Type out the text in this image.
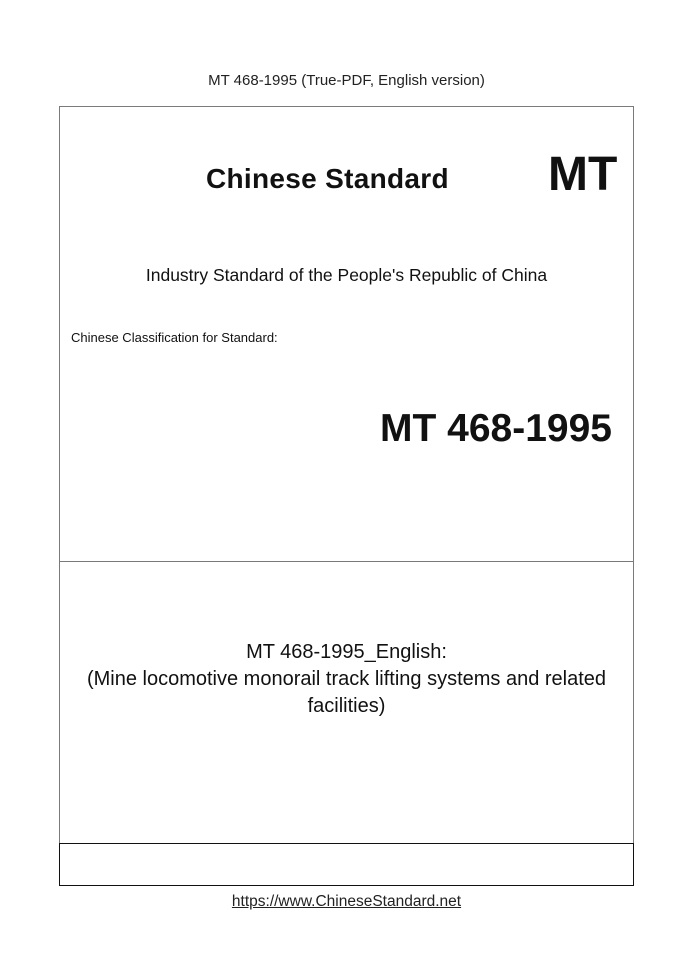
MT 468-1995 (True-PDF, English version)
Chinese Standard MT
Industry Standard of the People's Republic of China
Chinese Classification for Standard:
MT 468-1995
MT 468-1995_English:
(Mine locomotive monorail track lifting systems and related
facilities)
https://www.ChineseStandard.net
